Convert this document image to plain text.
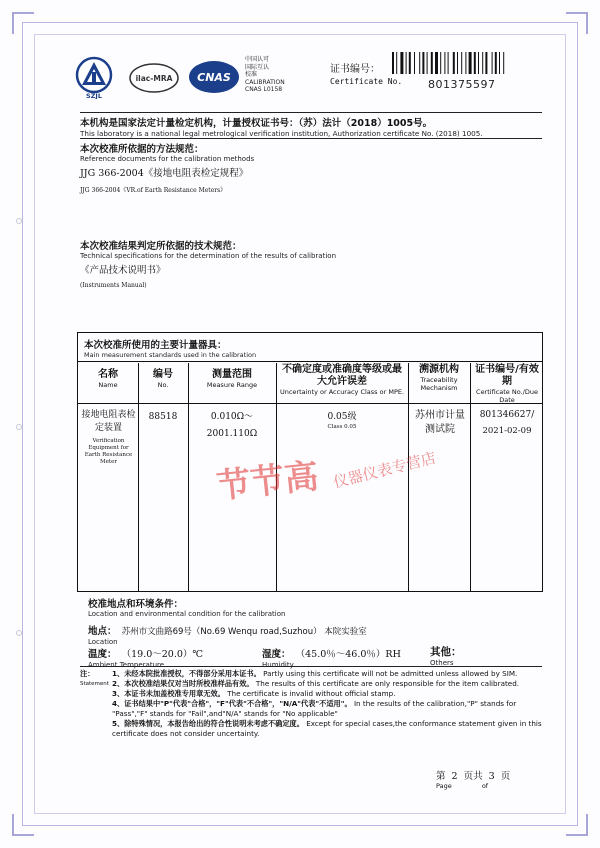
SZJL
ilac-MRA CNAS
中国认可
国际互认
校准
CALIBRATION
CNAS L0158
证书编号：
Certificate No. 801375597
本机构是国家法定计量检定机构，计量授权证书号：（苏）法计（2018）1005号。
This laboratory is a national legal metrological verification institution, Authorization certificate No. (2018) 1005.
本次校准所依据的方法规范：
Reference documents for the calibration methods
JJG 366-2004《接地电阻表检定规程》
JJG 366-2004《VR.of Earth Resistance Meters》
本次校准结果判定所依据的技术规范：
Technical specifications for the determination of the results of calibration
《产品技术说明书》
(Instruments Manual)
本次校准所使用的主要计量器具：
Main measurement standards used in the calibration
名称
Name
编号
No.
测量范围
Measure Range
不确定度或准确度等级或最大允许误差
Uncertainty or Accuracy Class or MPE.
溯源机构
Traceability Mechanism
证书编号/有效期
Certificate No./Due Date
接地电阻表检定装置
Verification Equipment for Earth Resistance Meter
88518	0.010Ω～
2001.110Ω
0.05级
Class 0.05
苏州市计量测试院
801346627/
2021-02-09
节节高 仪器仪表专营店
校准地点和环境条件：
Location and environmental condition for the calibration
地点： 苏州市文曲路69号（No.69 Wenqu road,Suzhou） 本院实验室
Location
温度： （19.0～20.0）℃
Ambient Temperature
湿度： （45.0％～46.0％）RH
Humidity
其他：
Others
注：
Statement
1、未经本院批准授权，不得部分采用本证书。 Partly using this certificate will not be admitted unless allowed by SIM.
2、本次校准结果仅对当时所校准样品有效。 The results of this certificate are only responsible for the item calibrated.
3、本证书未加盖校准专用章无效。 The certificate is invalid without official stamp.
4、证书结果中"P"代表"合格"，"F"代表"不合格"，"N/A"代表"不适用"。 In the results of the calibration,"P" stands for "Pass","F" stands for "Fail",and"N/A" stands for "No applicable"
5、除特殊情况，本报告给出的符合性说明未考虑不确定度。 Except for special cases,the conformance statement given in this certificate does not consider uncertainty.
第 2 页共 3 页
Page	of
